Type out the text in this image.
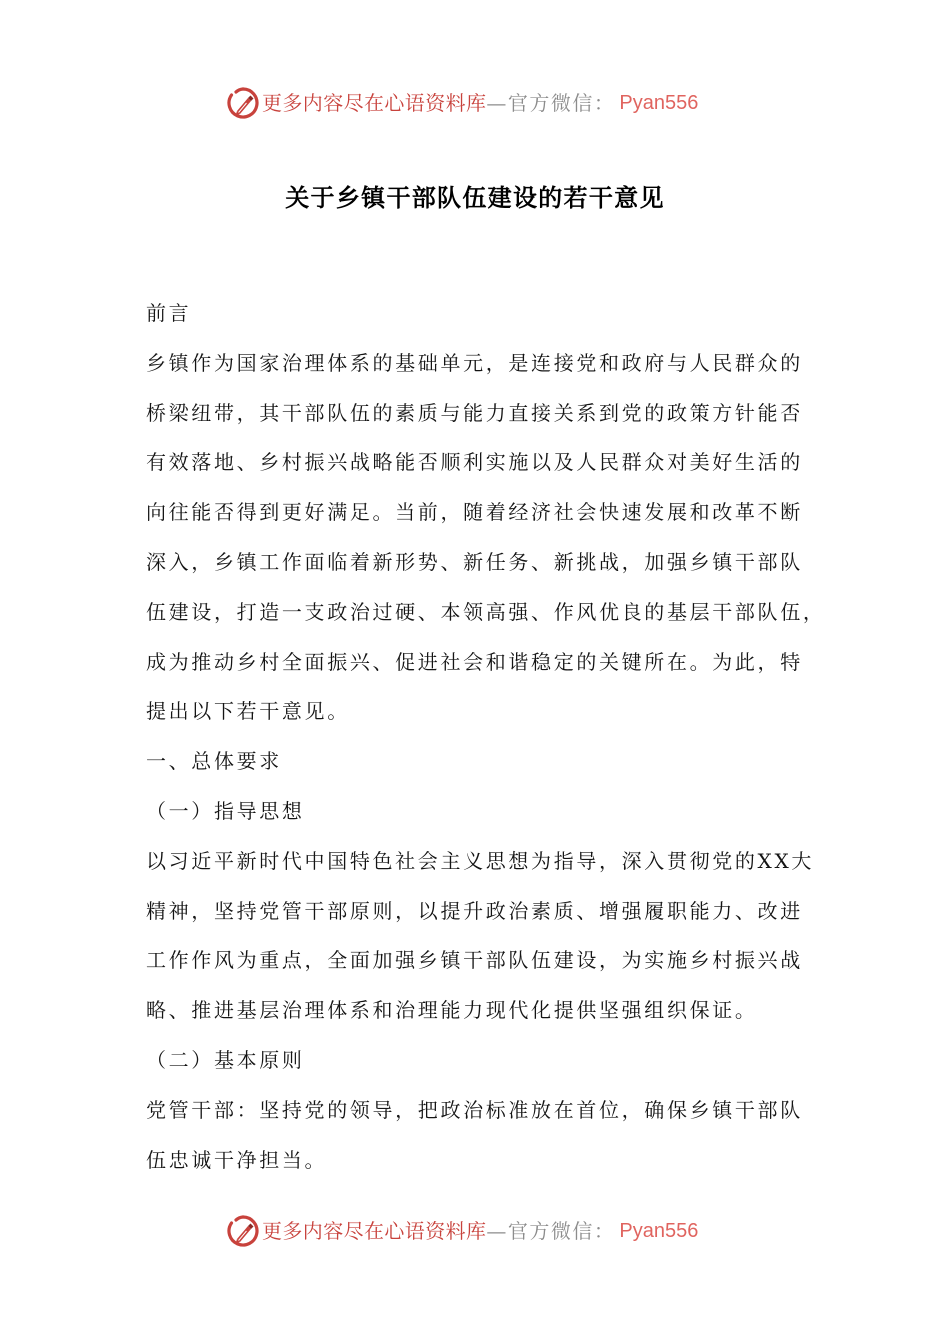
更多内容尽在心语资料库 —官方微信： Pyan556
关于乡镇干部队伍建设的若干意见
前言
乡镇作为国家治理体系的基础单元，是连接党和政府与人民群众的
桥梁纽带，其干部队伍的素质与能力直接关系到党的政策方针能否
有效落地、乡村振兴战略能否顺利实施以及人民群众对美好生活的
向往能否得到更好满足。当前，随着经济社会快速发展和改革不断
深入，乡镇工作面临着新形势、新任务、新挑战，加强乡镇干部队
伍建设，打造一支政治过硬、本领高强、作风优良的基层干部队伍，
成为推动乡村全面振兴、促进社会和谐稳定的关键所在。为此，特
提出以下若干意见。
一、总体要求
（一）指导思想
以习近平新时代中国特色社会主义思想为指导，深入贯彻党的XX大
精神，坚持党管干部原则，以提升政治素质、增强履职能力、改进
工作作风为重点，全面加强乡镇干部队伍建设，为实施乡村振兴战
略、推进基层治理体系和治理能力现代化提供坚强组织保证。
（二）基本原则
党管干部：坚持党的领导，把政治标准放在首位，确保乡镇干部队
伍忠诚干净担当。
更多内容尽在心语资料库 —官方微信： Pyan556
